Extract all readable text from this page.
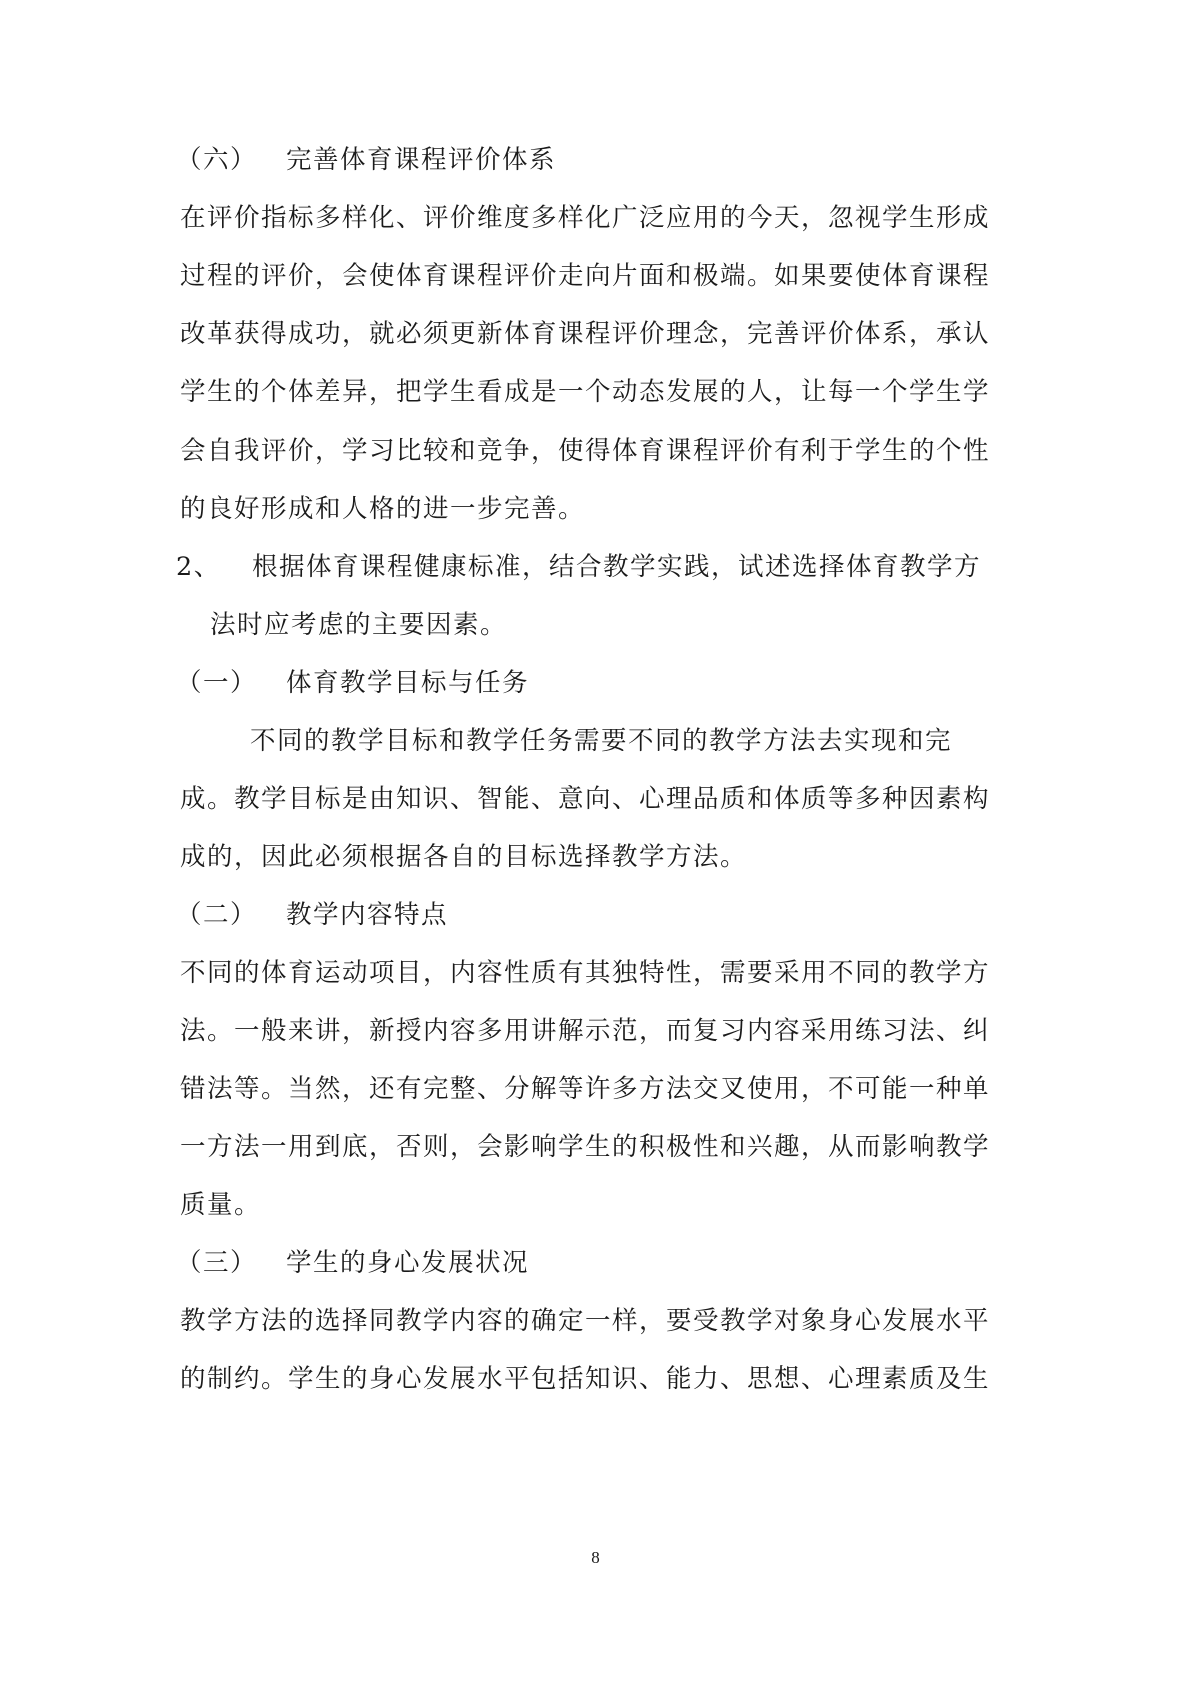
（六） 完善体育课程评价体系
在评价指标多样化、评价维度多样化广泛应用的今天，忽视学生形成
过程的评价，会使体育课程评价走向片面和极端。如果要使体育课程
改革获得成功，就必须更新体育课程评价理念，完善评价体系，承认
学生的个体差异，把学生看成是一个动态发展的人，让每一个学生学
会自我评价，学习比较和竞争，使得体育课程评价有利于学生的个性
的良好形成和人格的进一步完善。
2、 根据体育课程健康标准，结合教学实践，试述选择体育教学方
法时应考虑的主要因素。
（一） 体育教学目标与任务
不同的教学目标和教学任务需要不同的教学方法去实现和完
成。教学目标是由知识、智能、意向、心理品质和体质等多种因素构
成的，因此必须根据各自的目标选择教学方法。
（二） 教学内容特点
不同的体育运动项目，内容性质有其独特性，需要采用不同的教学方
法。一般来讲，新授内容多用讲解示范，而复习内容采用练习法、纠
错法等。当然，还有完整、分解等许多方法交叉使用，不可能一种单
一方法一用到底，否则，会影响学生的积极性和兴趣，从而影响教学
质量。
（三） 学生的身心发展状况
教学方法的选择同教学内容的确定一样，要受教学对象身心发展水平
的制约。学生的身心发展水平包括知识、能力、思想、心理素质及生
8
